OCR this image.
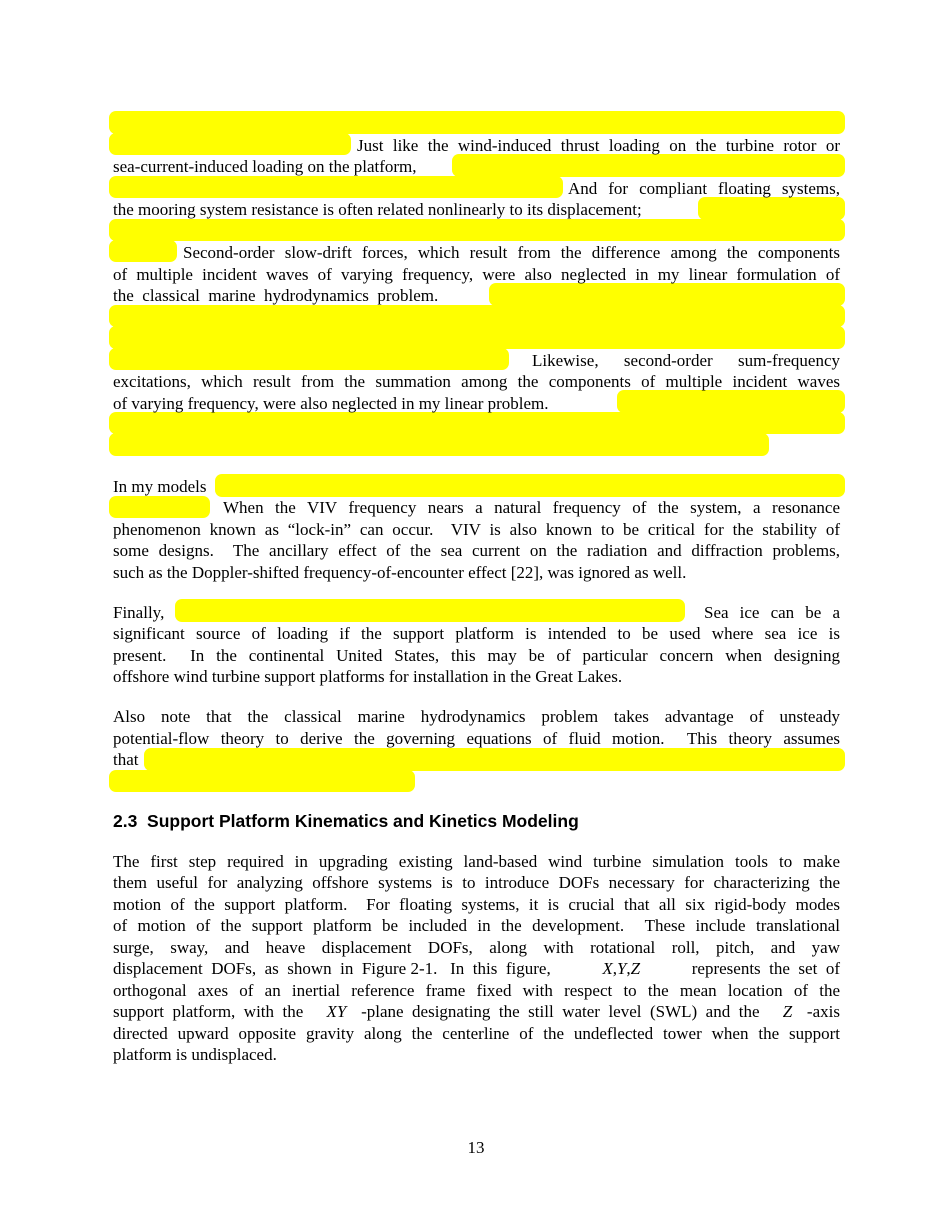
Just like the wind-induced thrust loading on the turbine rotor or
sea-current-induced loading on the platform,
And for compliant floating systems,
the mooring system resistance is often related nonlinearly to its displacement;
Second-order slow-drift forces, which result from the difference among the components
of multiple incident waves of varying frequency, were also neglected in my linear formulation of
the  classical  marine  hydrodynamics  problem.
Likewise,   second-order   sum-frequency
excitations, which result from the summation among the components of multiple incident waves
of varying frequency, were also neglected in my linear problem.
In my models
When  the  VIV  frequency  nears  a  natural  frequency  of  the  system,  a  resonance
phenomenon known as “lock-in” can occur.  VIV is also known to be critical for the stability of
some designs.  The ancillary effect of the sea current on the radiation and diffraction problems,
such as the Doppler-shifted frequency-of-encounter effect [22], was ignored as well.
Finally,	Sea  ice  can  be  a
significant  source  of  loading  if  the  support  platform  is  intended  to  be  used  where  sea  ice  is
present.  In the continental United States, this may be of particular concern when designing
offshore wind turbine support platforms for installation in the Great Lakes.
Also note that the classical marine hydrodynamics problem takes advantage of unsteady
potential-flow theory to derive the governing equations of fluid motion.  This theory assumes
that
2.3  Support Platform Kinematics and Kinetics Modeling
The first step required in upgrading existing land-based wind turbine simulation tools to make
them useful for analyzing offshore systems is to introduce DOFs necessary for characterizing the
motion of the support platform.  For floating systems, it is crucial that all six rigid-body modes
of motion of the support platform be included in the development.  These include translational
surge,  sway,  and  heave  displacement  DOFs,  along  with  rotational  roll,  pitch,  and  yaw
displacement  DOFs,  as  shown  in  Figure 2-1.   In  this  figure,	X,Y,Z	represents  the  set  of
orthogonal  axes  of  an  inertial  reference  frame  fixed  with  respect  to  the  mean  location  of  the
support  platform,  with  the XY -plane  designating  the  still  water  level  (SWL)  and  the Z -axis
directed upward opposite gravity along the centerline of the undeflected tower when the support
platform is undisplaced.
13
